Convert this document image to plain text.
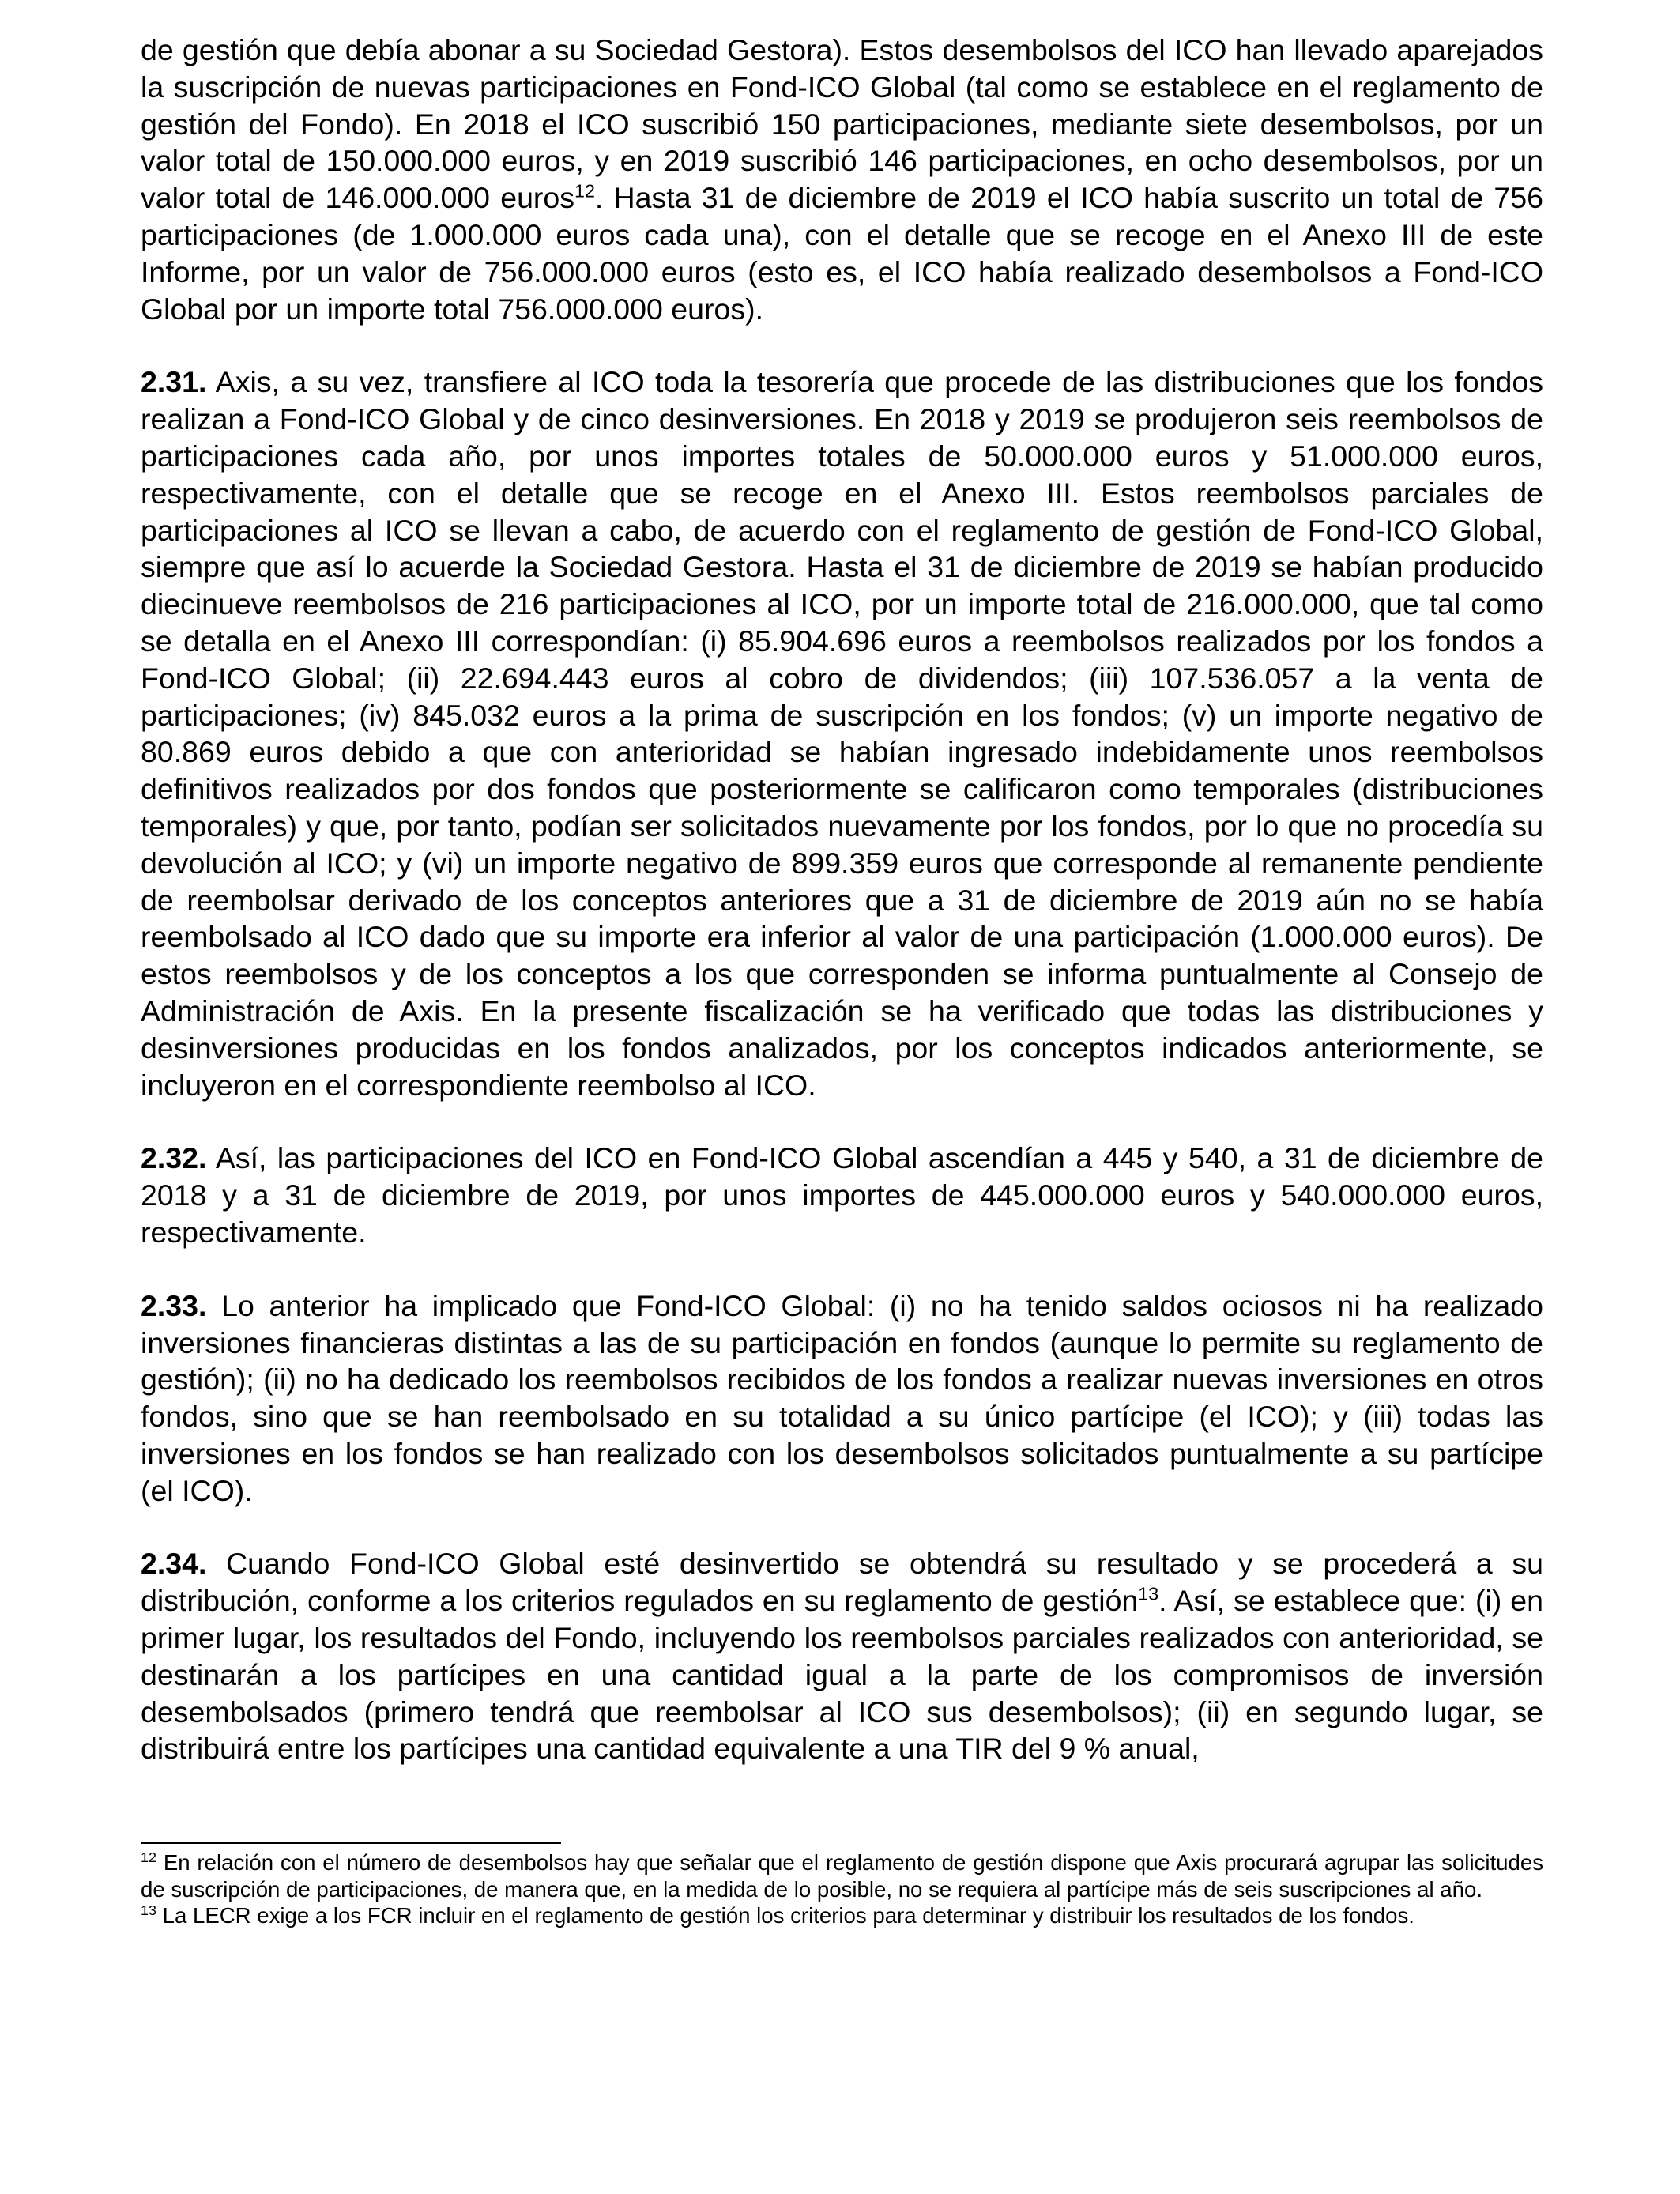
de gestión que debía abonar a su Sociedad Gestora). Estos desembolsos del ICO han llevado aparejados la suscripción de nuevas participaciones en Fond-ICO Global (tal como se establece en el reglamento de gestión del Fondo). En 2018 el ICO suscribió 150 participaciones, mediante siete desembolsos, por un valor total de 150.000.000 euros, y en 2019 suscribió 146 participaciones, en ocho desembolsos, por un valor total de 146.000.000 euros$^{12}$. Hasta 31 de diciembre de 2019 el ICO había suscrito un total de 756 participaciones (de 1.000.000 euros cada una), con el detalle que se recoge en el Anexo III de este Informe, por un valor de 756.000.000 euros (esto es, el ICO había realizado desembolsos a Fond-ICO Global por un importe total 756.000.000 euros).

2.31. Axis, a su vez, transfiere al ICO toda la tesorería que procede de las distribuciones que los fondos realizan a Fond-ICO Global y de cinco desinversiones. En 2018 y 2019 se produjeron seis reembolsos de participaciones cada año, por unos importes totales de 50.000.000 euros y 51.000.000 euros, respectivamente, con el detalle que se recoge en el Anexo III. Estos reembolsos parciales de participaciones al ICO se llevan a cabo, de acuerdo con el reglamento de gestión de Fond-ICO Global, siempre que así lo acuerde la Sociedad Gestora. Hasta el 31 de diciembre de 2019 se habían producido diecinueve reembolsos de 216 participaciones al ICO, por un importe total de 216.000.000, que tal como se detalla en el Anexo III correspondían: (i) 85.904.696 euros a reembolsos realizados por los fondos a Fond-ICO Global; (ii) 22.694.443 euros al cobro de dividendos; (iii) 107.536.057 a la venta de participaciones; (iv) 845.032 euros a la prima de suscripción en los fondos; (v) un importe negativo de 80.869 euros debido a que con anterioridad se habían ingresado indebidamente unos reembolsos definitivos realizados por dos fondos que posteriormente se calificaron como temporales (distribuciones temporales) y que, por tanto, podían ser solicitados nuevamente por los fondos, por lo que no procedía su devolución al ICO; y (vi) un importe negativo de 899.359 euros que corresponde al remanente pendiente de reembolsar derivado de los conceptos anteriores que a 31 de diciembre de 2019 aún no se había reembolsado al ICO dado que su importe era inferior al valor de una participación (1.000.000 euros). De estos reembolsos y de los conceptos a los que corresponden se informa puntualmente al Consejo de Administración de Axis. En la presente fiscalización se ha verificado que todas las distribuciones y desinversiones producidas en los fondos analizados, por los conceptos indicados anteriormente, se incluyeron en el correspondiente reembolso al ICO.

2.32. Así, las participaciones del ICO en Fond-ICO Global ascendían a 445 y 540, a 31 de diciembre de 2018 y a 31 de diciembre de 2019, por unos importes de 445.000.000 euros y 540.000.000 euros, respectivamente.

2.33. Lo anterior ha implicado que Fond-ICO Global: (i) no ha tenido saldos ociosos ni ha realizado inversiones financieras distintas a las de su participación en fondos (aunque lo permite su reglamento de gestión); (ii) no ha dedicado los reembolsos recibidos de los fondos a realizar nuevas inversiones en otros fondos, sino que se han reembolsado en su totalidad a su único partícipe (el ICO); y (iii) todas las inversiones en los fondos se han realizado con los desembolsos solicitados puntualmente a su partícipe (el ICO).

2.34. Cuando Fond-ICO Global esté desinvertido se obtendrá su resultado y se procederá a su distribución, conforme a los criterios regulados en su reglamento de gestión$^{13}$. Así, se establece que: (i) en primer lugar, los resultados del Fondo, incluyendo los reembolsos parciales realizados con anterioridad, se destinarán a los partícipes en una cantidad igual a la parte de los compromisos de inversión desembolsados (primero tendrá que reembolsar al ICO sus desembolsos); (ii) en segundo lugar, se distribuirá entre los partícipes una cantidad equivalente a una TIR del 9 % anual,

$^{12}$ En relación con el número de desembolsos hay que señalar que el reglamento de gestión dispone que Axis procurará agrupar las solicitudes de suscripción de participaciones, de manera que, en la medida de lo posible, no se requiera al partícipe más de seis suscripciones al año.

$^{13}$ La LECR exige a los FCR incluir en el reglamento de gestión los criterios para determinar y distribuir los resultados de los fondos.
